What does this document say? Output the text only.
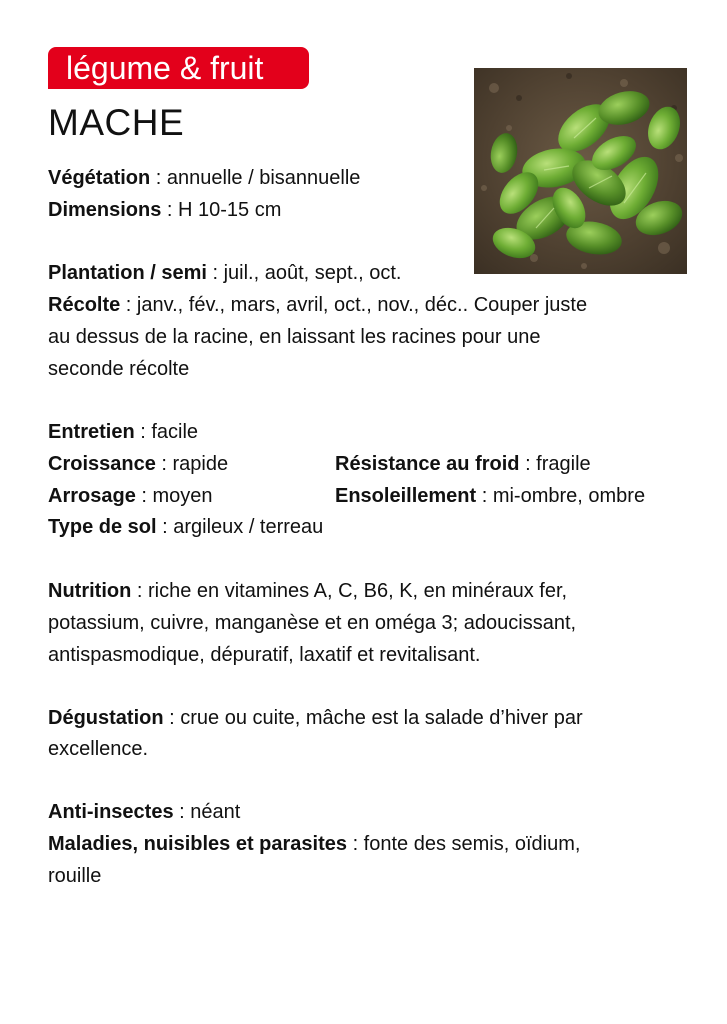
légume & fruit
MACHE
Végétation : annuelle / bisannuelle
Dimensions : H 10-15 cm
Plantation / semi : juil., août, sept., oct.
Récolte : janv., fév., mars, avril, oct., nov., déc.. Couper juste
au dessus de la racine, en laissant les racines pour une
seconde récolte
Entretien : facile
Croissance : rapide	Résistance au froid : fragile
Arrosage : moyen	Ensoleillement : mi-ombre, ombre
Type de sol : argileux / terreau
Nutrition : riche en vitamines A, C, B6, K, en minéraux fer,
potassium, cuivre, manganèse et en oméga 3; adoucissant,
antispasmodique, dépuratif, laxatif et revitalisant.
Dégustation : crue ou cuite, mâche est la salade d’hiver par
excellence.
Anti-insectes : néant
Maladies, nuisibles et parasites : fonte des semis, oïdium,
rouille
